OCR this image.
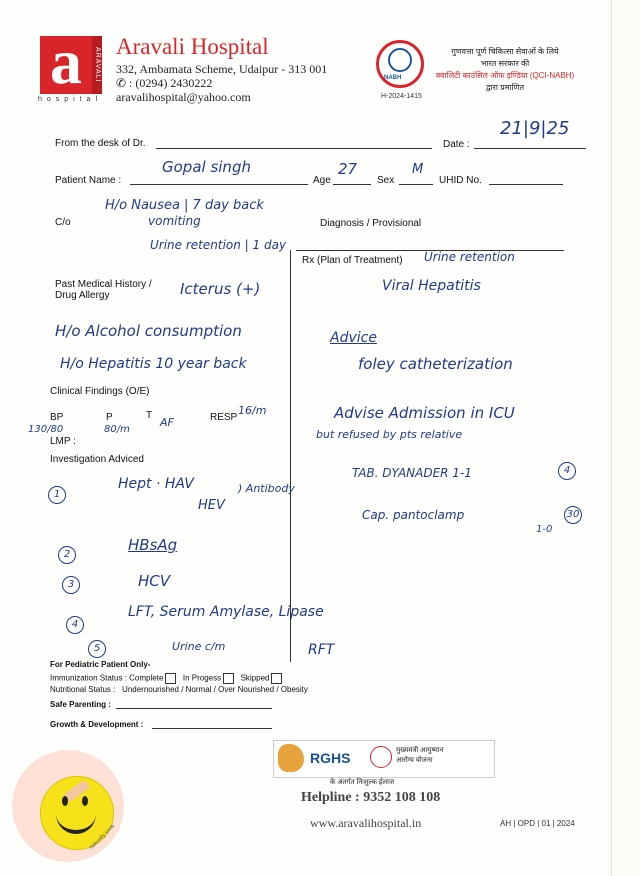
a	ARAVALI
hospital
Aravali Hospital
332, Ambamata Scheme, Udaipur - 313 001
✆ : (0294) 2430222
aravalihospital@yahoo.com
NABH
H-2024-1415
गुणवत्ता पूर्ण चिकित्सा सेवाओं के लिये
भारत सरकार की
क्वालिटी काउंसिल ऑफ इण्डिया (QCI-NABH)
द्वारा प्रमाणित
From the desk of Dr.	Date :
21|9|25
Patient Name :
Gopal singh
Age
27
Sex
M
UHID No.
C/o
H/o Nausea | 7 day back
vomiting	Diagnosis / Provisional
Urine retention | 1 day
Rx (Plan of Treatment) Urine retention
Past Medical History /
Drug Allergy	Icterus (+)	Viral Hepatitis
H/o Alcohol consumption	Advice
H/o Hepatitis 10 year back	foley catheterization
Clinical Findings (O/E)
BP
130/80
P
80/m
T
AF	RESP
16/m
LMP :
Advise Admission in ICU
but refused by pts relative
Investigation Adviced
1
Hept · HAV
HEV
) Antibody
TAB. DYANADER 1-1	4
Cap. pantoclamp	30
1-0
2
HBsAg
3	HCV
4
LFT, Serum Amylase, Lipase
5	Urine c/m	RFT
For Pediatric Patient Only-
Immunization Status : Complete In Progess Skipped
Nutritional Status : Undernourished / Normal / Over Nourished / Obesity
Safe Parenting :
Growth & Development :
RGHS	मुख्यमंत्री आयुष्मान
आरोग्य योजना
के अंतर्गत निःशुल्क ईलाज
Helpline : 9352 108 108
www.aravalihospital.in	AH | OPD | 01 | 2024
Naturally smile
